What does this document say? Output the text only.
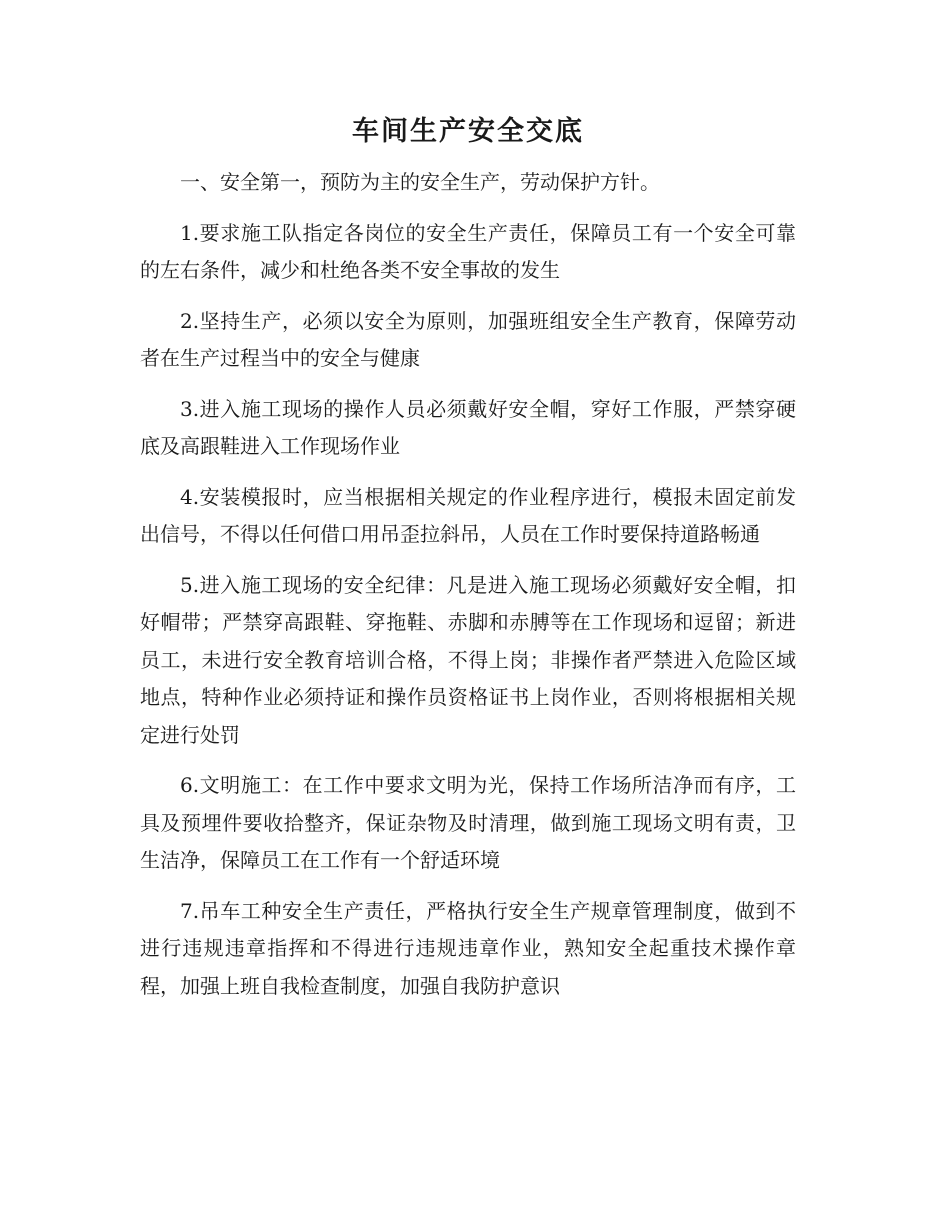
车间生产安全交底

一、安全第一，预防为主的安全生产，劳动保护方针。

1.要求施工队指定各岗位的安全生产责任，保障员工有一个安全可靠的左右条件，减少和杜绝各类不安全事故的发生

2.坚持生产，必须以安全为原则，加强班组安全生产教育，保障劳动者在生产过程当中的安全与健康

3.进入施工现场的操作人员必须戴好安全帽，穿好工作服，严禁穿硬底及高跟鞋进入工作现场作业

4.安装模报时，应当根据相关规定的作业程序进行，模报未固定前发出信号，不得以任何借口用吊歪拉斜吊，人员在工作时要保持道路畅通

5.进入施工现场的安全纪律：凡是进入施工现场必须戴好安全帽，扣好帽带；严禁穿高跟鞋、穿拖鞋、赤脚和赤膊等在工作现场和逗留；新进员工，未进行安全教育培训合格，不得上岗；非操作者严禁进入危险区域地点，特种作业必须持证和操作员资格证书上岗作业，否则将根据相关规定进行处罚

6.文明施工：在工作中要求文明为光，保持工作场所洁净而有序，工具及预埋件要收拾整齐，保证杂物及时清理，做到施工现场文明有责，卫生洁净，保障员工在工作有一个舒适环境

7.吊车工种安全生产责任，严格执行安全生产规章管理制度，做到不进行违规违章指挥和不得进行违规违章作业，熟知安全起重技术操作章程，加强上班自我检查制度，加强自我防护意识
